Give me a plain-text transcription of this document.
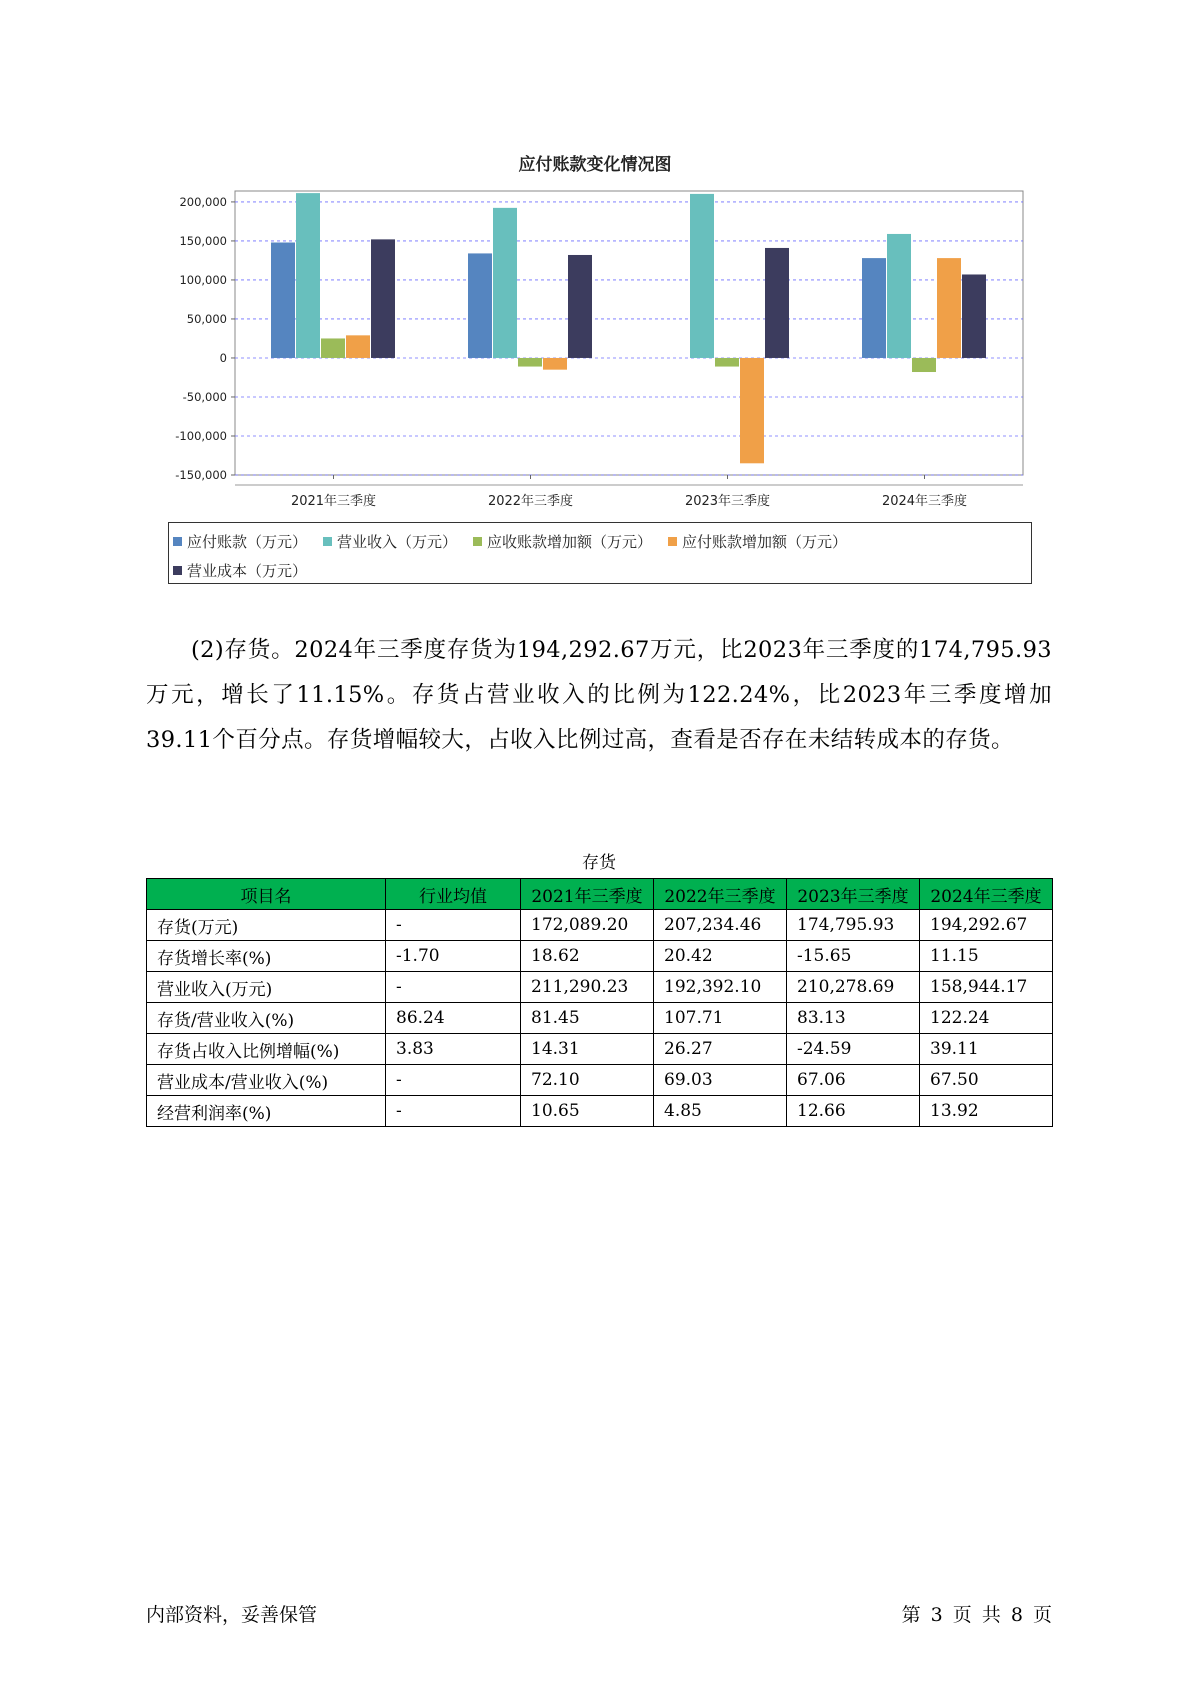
应付账款变化情况图
200,000
150,000
100,000
50,000
0
-50,000
-100,000
-150,000
2021年三季度	2022年三季度	2023年三季度	2024年三季度
应付账款（万元） 营业收入（万元） 应收账款增加额（万元） 应付账款增加额（万元）
营业成本（万元）
(2)存货。2024年三季度存货为194,292.67万元，比2023年三季度的174,795.93万元，增长了11.15%。存货占营业收入的比例为122.24%，比2023年三季度增加39.11个百分点。存货增幅较大，占收入比例过高，查看是否存在未结转成本的存货。
存货
项目名	行业均值	2021年三季度	2022年三季度	2023年三季度	2024年三季度
存货(万元)	-	172,089.20	207,234.46	174,795.93	194,292.67
存货增长率(%)	-1.70	18.62	20.42	-15.65	11.15
营业收入(万元)	-	211,290.23	192,392.10	210,278.69	158,944.17
存货/营业收入(%)	86.24	81.45	107.71	83.13	122.24
存货占收入比例增幅(%)	3.83	14.31	26.27	-24.59	39.11
营业成本/营业收入(%)	-	72.10	69.03	67.06	67.50
经营利润率(%)	-	10.65	4.85	12.66	13.92
内部资料，妥善保管	第 3 页 共 8 页
